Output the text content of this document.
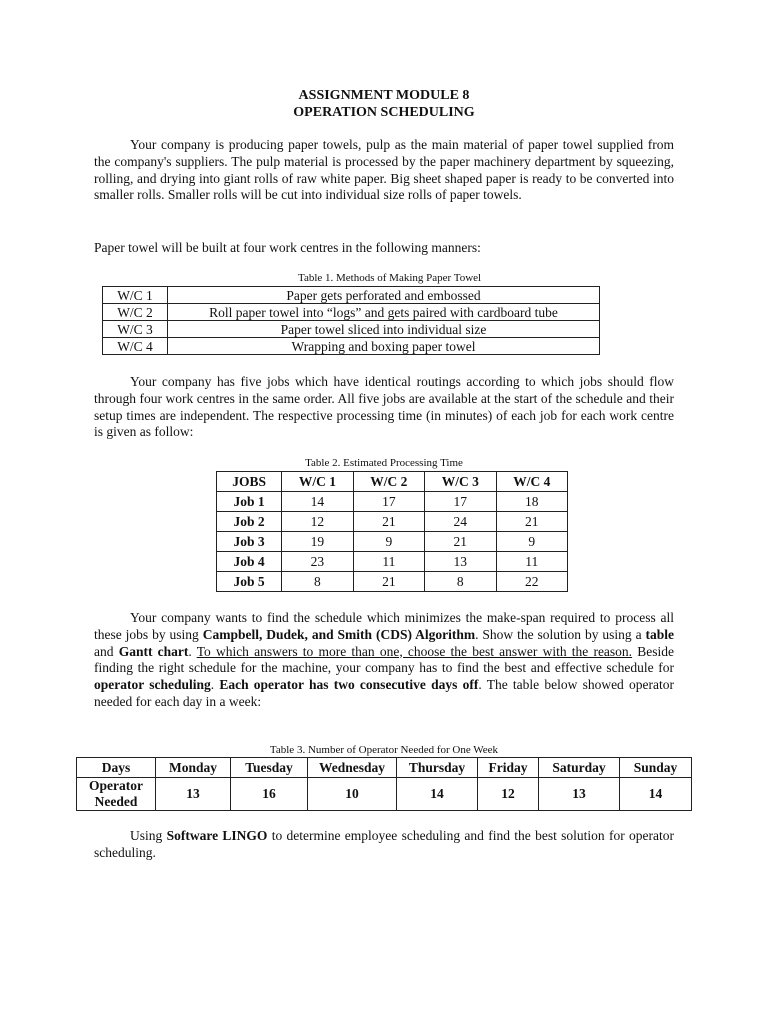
ASSIGNMENT MODULE 8
OPERATION SCHEDULING
Your company is producing paper towels, pulp as the main material of paper towel supplied from the company's suppliers. The pulp material is processed by the paper machinery department by squeezing, rolling, and drying into giant rolls of raw white paper. Big sheet shaped paper is ready to be converted into smaller rolls. Smaller rolls will be cut into individual size rolls of paper towels.
Paper towel will be built at four work centres in the following manners:
Table 1. Methods of Making Paper Towel
W/C 1	Paper gets perforated and embossed
W/C 2	Roll paper towel into “logs” and gets paired with cardboard tube
W/C 3	Paper towel sliced into individual size
W/C 4	Wrapping and boxing paper towel
Your company has five jobs which have identical routings according to which jobs should flow through four work centres in the same order. All five jobs are available at the start of the schedule and their setup times are independent. The respective processing time (in minutes) of each job for each work centre is given as follow:
Table 2. Estimated Processing Time
JOBS	W/C 1	W/C 2	W/C 3	W/C 4
Job 1	14	17	17	18
Job 2	12	21	24	21
Job 3	19	9	21	9
Job 4	23	11	13	11
Job 5	8	21	8	22
Your company wants to find the schedule which minimizes the make-span required to process all these jobs by using Campbell, Dudek, and Smith (CDS) Algorithm. Show the solution by using a table and Gantt chart. To which answers to more than one, choose the best answer with the reason. Beside finding the right schedule for the machine, your company has to find the best and effective schedule for operator scheduling. Each operator has two consecutive days off. The table below showed operator needed for each day in a week:
Table 3. Number of Operator Needed for One Week
Days	Monday	Tuesday	Wednesday	Thursday	Friday	Saturday	Sunday
Operator
Needed	13	16	10	14	12	13	14
Using Software LINGO to determine employee scheduling and find the best solution for operator scheduling.
